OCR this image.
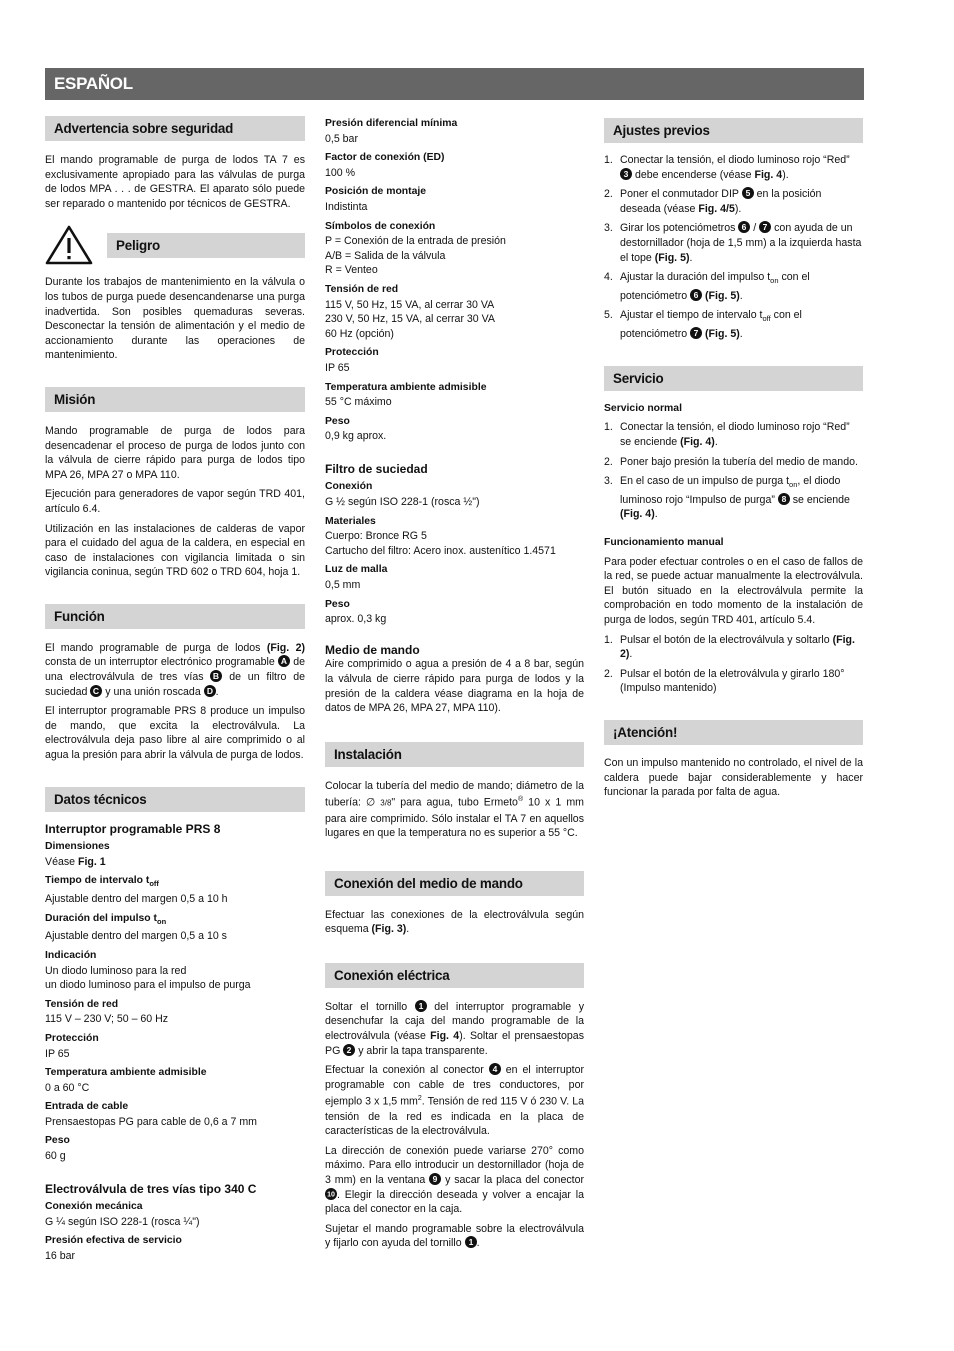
ESPAÑOL
Advertencia sobre seguridad

El mando programable de purga de lodos TA 7 es exclusivamente apropiado para las válvulas de purga de lodos MPA . . . de GESTRA. El aparato sólo puede ser reparado o mantenido por técnicos de GESTRA.

Peligro

Durante los trabajos de mantenimiento en la válvula o los tubos de purga puede desencandenarse una purga inadvertida. Son posibles quemaduras severas. Desconectar la tensión de alimentación y el medio de accionamiento durante las operaciones de mantenimiento.

Misión

Mando programable de purga de lodos para desencadenar el proceso de purga de lodos junto con la válvula de cierre rápido para purga de lodos tipo MPA 26, MPA 27 o MPA 110.

Ejecución para generadores de vapor según TRD 401, artículo 6.4.

Utilización en las instalaciones de calderas de vapor para el cuidado del agua de la caldera, en especial en caso de instalaciones con vigilancia limitada o sin vigilancia coninua, según TRD 602 o TRD 604, hoja 1.

Función

El mando programable de purga de lodos (Fig. 2) consta de un interruptor electrónico programable A de una electroválvula de tres vías B de un filtro de suciedad C y una unión roscada D .

El interruptor programable PRS 8 produce un impulso de mando, que excita la electroválvula. La electroválvula deja paso libre al aire comprimido o al agua la presión para abrir la válvula de purga de lodos.

Datos técnicos
Interruptor programable PRS 8
Dimensiones
Véase Fig. 1
Tiempo de intervalo $t_{off}$
Ajustable dentro del margen 0,5 a 10 h
Duración del impulso $t_{on}$
Ajustable dentro del margen 0,5 a 10 s
Indicación
Un diodo luminoso para la red
un diodo luminoso para el impulso de purga
Tensión de red
115 V – 230 V; 50 – 60 Hz
Protección
IP 65
Temperatura ambiente admisible
0 a 60 °C
Entrada de cable
Prensaestopas PG para cable de 0,6 a 7 mm
Peso
60 g
Electroválvula de tres vías tipo 340 C
Conexión mecánica
G ¼ según ISO 228-1 (rosca ¼")
Presión efectiva de servicio
16 bar
Presión diferencial mínima
0,5 bar
Factor de conexión (ED)
100 %
Posición de montaje
Indistinta
Símbolos de conexión
P = Conexión de la entrada de presión
A/B = Salida de la válvula
R = Venteo
Tensión de red
115 V, 50 Hz, 15 VA, al cerrar 30 VA
230 V, 50 Hz, 15 VA, al cerrar 30 VA
60 Hz (opción)
Protección
IP 65
Temperatura ambiente admisible
55 °C máximo
Peso
0,9 kg aprox.
Filtro de suciedad
Conexión
G ½ según ISO 228-1 (rosca ½")
Materiales
Cuerpo: Bronce RG 5
Cartucho del filtro: Acero inox. austenítico 1.4571
Luz de malla
0,5 mm
Peso
aprox. 0,3 kg
Medio de mando

Aire comprimido o agua a presión de 4 a 8 bar, según la válvula de cierre rápido para purga de lodos y la presión de la caldera véase diagrama en la hoja de datos de MPA 26, MPA 27, MPA 110).

Instalación

Colocar la tubería del medio de mando; diámetro de la tubería: ∅ 3/8" para agua, tubo Ermeto® 10 x 1 mm para aire comprimido. Sólo instalar el TA 7 en aquellos lugares en que la temperatura no es superior a 55 °C.

Conexión del medio de mando

Efectuar las conexiones de la electroválvula según esquema (Fig. 3).

Conexión eléctrica

Soltar el tornillo 1 del interruptor programable y desenchufar la caja del mando programable de la electroválvula (véase Fig. 4). Soltar el prensaestopas PG 2 y abrir la tapa transparente.

Efectuar la conexión al conector 4 en el interruptor programable con cable de tres conductores, por ejemplo 3 x 1,5 $mm^2$. Tensión de red 115 V ó 230 V. La tensión de la red es indicada en la placa de características de la electroválvula.

La dirección de conexión puede variarse 270° como máximo. Para ello introducir un destornillador (hoja de 3 mm) en la ventana 9 y sacar la placa del conector
10 . Elegir la dirección deseada y volver a encajar la placa del conector en la caja.

Sujetar el mando programable sobre la electroválvula y fijarlo con ayuda del tornillo 1 .

Ajustes previos
1. Conectar la tensión, el diodo luminoso rojo “Red”
3 debe encenderse (véase Fig. 4).
2. Poner el conmutador DIP 5 en la posición deseada (véase Fig. 4/5).
3. Girar los potenciómetros 6 / 7 con ayuda de un destornillador (hoja de 1,5 mm) a la izquierda hasta el tope (Fig. 5).
4. Ajustar la duración del impulso $t_{on}$ con el potenciómetro 6 (Fig. 5).
5. Ajustar el tiempo de intervalo $t_{off}$ con el potenciómetro 7 (Fig. 5).
Servicio
Servicio normal
1. Conectar la tensión, el diodo luminoso rojo “Red” se enciende (Fig. 4).
2. Poner bajo presión la tubería del medio de mando.
3. En el caso de un impulso de purga $t_{on}$, el diodo luminoso rojo “Impulso de purga” 8 se enciende (Fig. 4).
Funcionamiento manual

Para poder efectuar controles o en el caso de fallos de la red, se puede actuar manualmente la electroválvula. El butón situado en la electroválvula permite la comprobación en todo momento de la instalación de purga de lodos, según TRD 401, artículo 5.4.

1. Pulsar el botón de la electroválvula y soltarlo (Fig. 2).
2. Pulsar el botón de la eletroválvula y girarlo 180° (Impulso mantenido)
¡Atención!

Con un impulso mantenido no controlado, el nivel de la caldera puede bajar considerablemente y hacer funcionar la parada por falta de agua.
